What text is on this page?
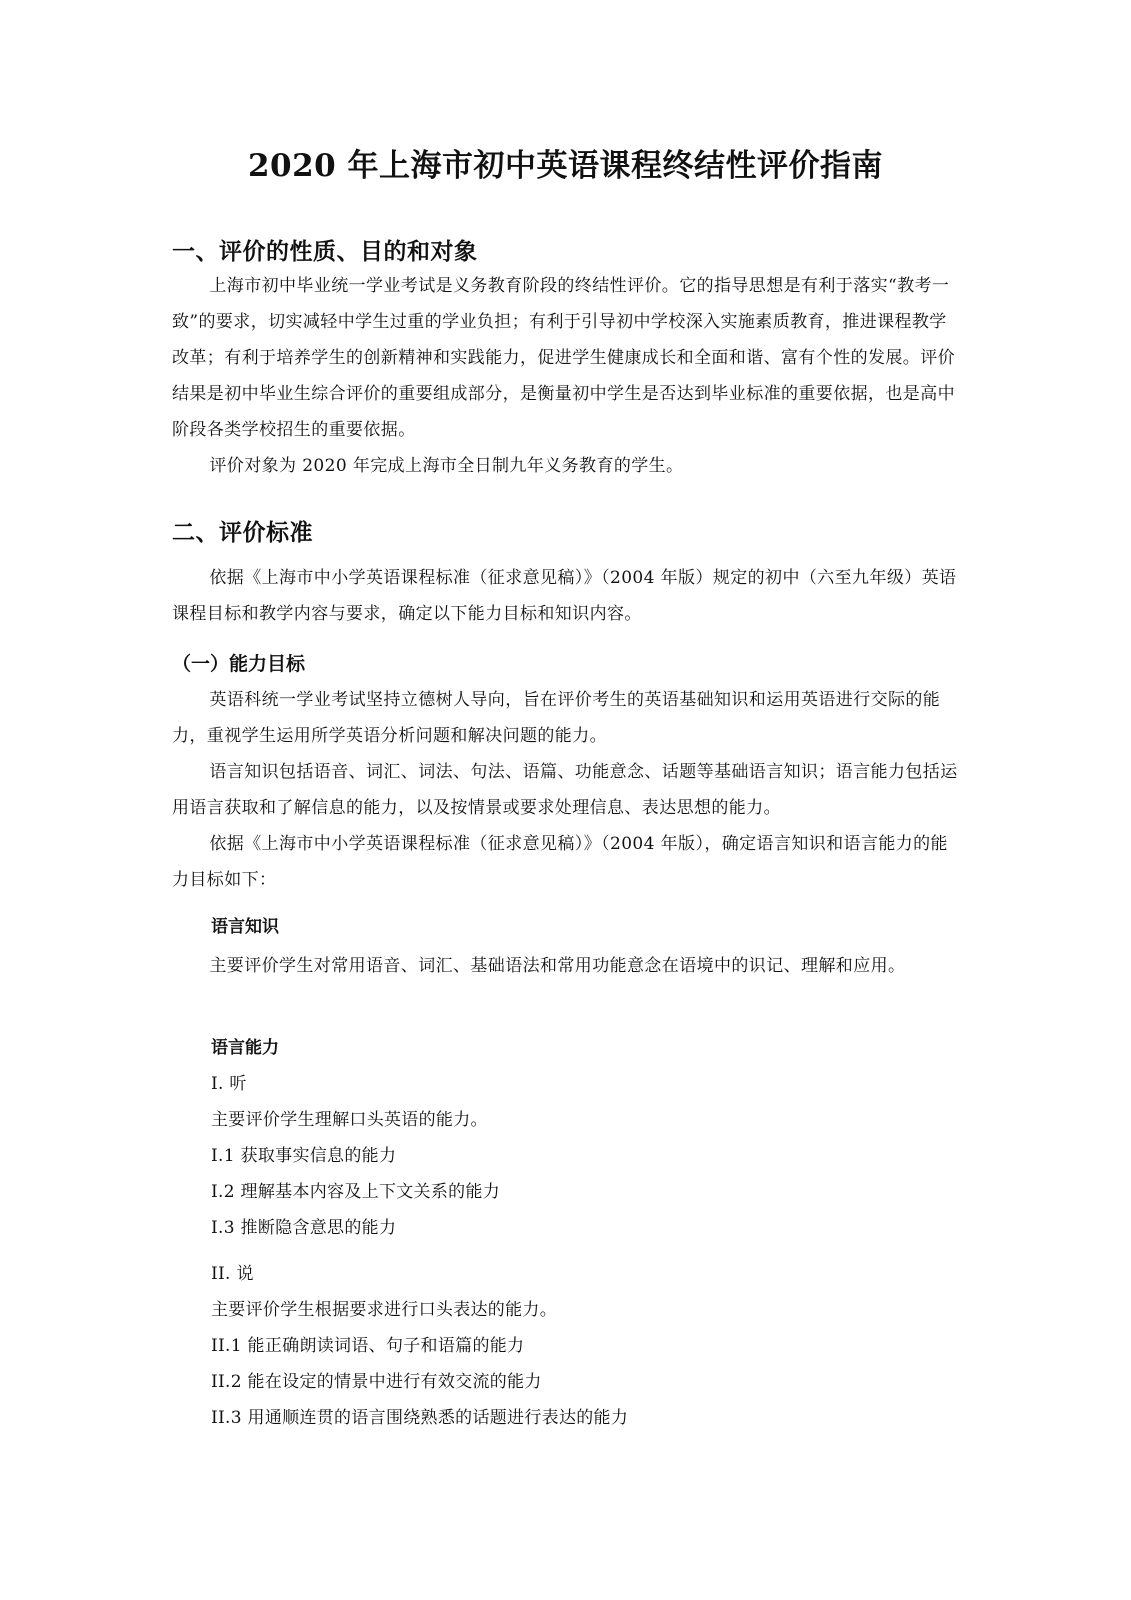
2020 年上海市初中英语课程终结性评价指南
一、评价的性质、目的和对象

上海市初中毕业统一学业考试是义务教育阶段的终结性评价。它的指导思想是有利于落实“教考一致”的要求，切实减轻中学生过重的学业负担；有利于引导初中学校深入实施素质教育，推进课程教学改革；有利于培养学生的创新精神和实践能力，促进学生健康成长和全面和谐、富有个性的发展。评价结果是初中毕业生综合评价的重要组成部分，是衡量初中学生是否达到毕业标准的重要依据，也是高中阶段各类学校招生的重要依据。

评价对象为 2020 年完成上海市全日制九年义务教育的学生。

二、评价标准

依据《上海市中小学英语课程标准（征求意见稿）》（2004 年版）规定的初中（六至九年级）英语课程目标和教学内容与要求，确定以下能力目标和知识内容。

（一）能力目标

英语科统一学业考试坚持立德树人导向，旨在评价考生的英语基础知识和运用英语进行交际的能力，重视学生运用所学英语分析问题和解决问题的能力。

语言知识包括语音、词汇、词法、句法、语篇、功能意念、话题等基础语言知识；语言能力包括运用语言获取和了解信息的能力，以及按情景或要求处理信息、表达思想的能力。

依据《上海市中小学英语课程标准（征求意见稿）》（2004 年版），确定语言知识和语言能力的能力目标如下：

语言知识

主要评价学生对常用语音、词汇、基础语法和常用功能意念在语境中的识记、理解和应用。

语言能力
I. 听
主要评价学生理解口头英语的能力。
I.1 获取事实信息的能力
I.2 理解基本内容及上下文关系的能力
I.3 推断隐含意思的能力
II. 说
主要评价学生根据要求进行口头表达的能力。
II.1 能正确朗读词语、句子和语篇的能力
II.2 能在设定的情景中进行有效交流的能力
II.3 用通顺连贯的语言围绕熟悉的话题进行表达的能力
